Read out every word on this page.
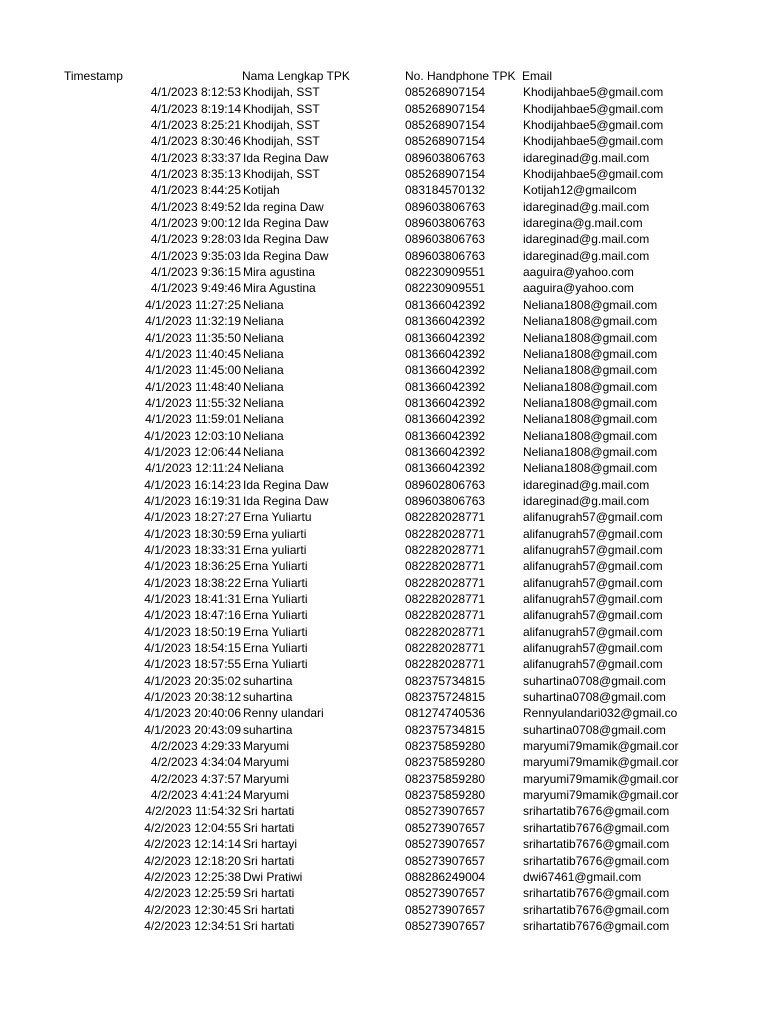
Timestamp	Nama Lengkap TPK	No. Handphone TPK Email
4/1/2023 8:12:53 Khodijah, SST	085268907154	Khodijahbae5@gmail.com
4/1/2023 8:19:14 Khodijah, SST	085268907154	Khodijahbae5@gmail.com
4/1/2023 8:25:21 Khodijah, SST	085268907154	Khodijahbae5@gmail.com
4/1/2023 8:30:46 Khodijah, SST	085268907154	Khodijahbae5@gmail.com
4/1/2023 8:33:37 Ida Regina Daw	089603806763	idareginad@g.mail.com
4/1/2023 8:35:13 Khodijah, SST	085268907154	Khodijahbae5@gmail.com
4/1/2023 8:44:25 Kotijah	083184570132	Kotijah12@gmailcom
4/1/2023 8:49:52 Ida regina Daw	089603806763	idareginad@g.mail.com
4/1/2023 9:00:12 Ida Regina Daw	089603806763	idaregina@g.mail.com
4/1/2023 9:28:03 Ida Regina Daw	089603806763	idareginad@g.mail.com
4/1/2023 9:35:03 Ida Regina Daw	089603806763	idareginad@g.mail.com
4/1/2023 9:36:15 Mira agustina	082230909551	aaguira@yahoo.com
4/1/2023 9:49:46 Mira Agustina	082230909551	aaguira@yahoo.com
4/1/2023 11:27:25 Neliana	081366042392	Neliana1808@gmail.com
4/1/2023 11:32:19 Neliana	081366042392	Neliana1808@gmail.com
4/1/2023 11:35:50 Neliana	081366042392	Neliana1808@gmail.com
4/1/2023 11:40:45 Neliana	081366042392	Neliana1808@gmail.com
4/1/2023 11:45:00 Neliana	081366042392	Neliana1808@gmail.com
4/1/2023 11:48:40 Neliana	081366042392	Neliana1808@gmail.com
4/1/2023 11:55:32 Neliana	081366042392	Neliana1808@gmail.com
4/1/2023 11:59:01 Neliana	081366042392	Neliana1808@gmail.com
4/1/2023 12:03:10 Neliana	081366042392	Neliana1808@gmail.com
4/1/2023 12:06:44 Neliana	081366042392	Neliana1808@gmail.com
4/1/2023 12:11:24 Neliana	081366042392	Neliana1808@gmail.com
4/1/2023 16:14:23 Ida Regina Daw	089602806763	idareginad@g.mail.com
4/1/2023 16:19:31 Ida Regina Daw	089603806763	idareginad@g.mail.com
4/1/2023 18:27:27 Erna Yuliartu	082282028771	alifanugrah57@gmail.com
4/1/2023 18:30:59 Erna yuliarti	082282028771	alifanugrah57@gmail.com
4/1/2023 18:33:31 Erna yuliarti	082282028771	alifanugrah57@gmail.com
4/1/2023 18:36:25 Erna Yuliarti	082282028771	alifanugrah57@gmail.com
4/1/2023 18:38:22 Erna Yuliarti	082282028771	alifanugrah57@gmail.com
4/1/2023 18:41:31 Erna Yuliarti	082282028771	alifanugrah57@gmail.com
4/1/2023 18:47:16 Erna Yuliarti	082282028771	alifanugrah57@gmail.com
4/1/2023 18:50:19 Erna Yuliarti	082282028771	alifanugrah57@gmail.com
4/1/2023 18:54:15 Erna Yuliarti	082282028771	alifanugrah57@gmail.com
4/1/2023 18:57:55 Erna Yuliarti	082282028771	alifanugrah57@gmail.com
4/1/2023 20:35:02 suhartina	082375734815	suhartina0708@gmail.com
4/1/2023 20:38:12 suhartina	082375724815	suhartina0708@gmail.com
4/1/2023 20:40:06 Renny ulandari	081274740536	Rennyulandari032@gmail.co
4/1/2023 20:43:09 suhartina	082375734815	suhartina0708@gmail.com
4/2/2023 4:29:33 Maryumi	082375859280	maryumi79mamik@gmail.cor
4/2/2023 4:34:04 Maryumi	082375859280	maryumi79mamik@gmail.cor
4/2/2023 4:37:57 Maryumi	082375859280	maryumi79mamik@gmail.cor
4/2/2023 4:41:24 Maryumi	082375859280	maryumi79mamik@gmail.cor
4/2/2023 11:54:32 Sri hartati	085273907657	srihartatib7676@gmail.com
4/2/2023 12:04:55 Sri hartati	085273907657	srihartatib7676@gmail.com
4/2/2023 12:14:14 Sri hartayi	085273907657	srihartatib7676@gmail.com
4/2/2023 12:18:20 Sri hartati	085273907657	srihartatib7676@gmail.com
4/2/2023 12:25:38 Dwi Pratiwi	088286249004	dwi67461@gmail.com
4/2/2023 12:25:59 Sri hartati	085273907657	srihartatib7676@gmail.com
4/2/2023 12:30:45 Sri hartati	085273907657	srihartatib7676@gmail.com
4/2/2023 12:34:51 Sri hartati	085273907657	srihartatib7676@gmail.com
